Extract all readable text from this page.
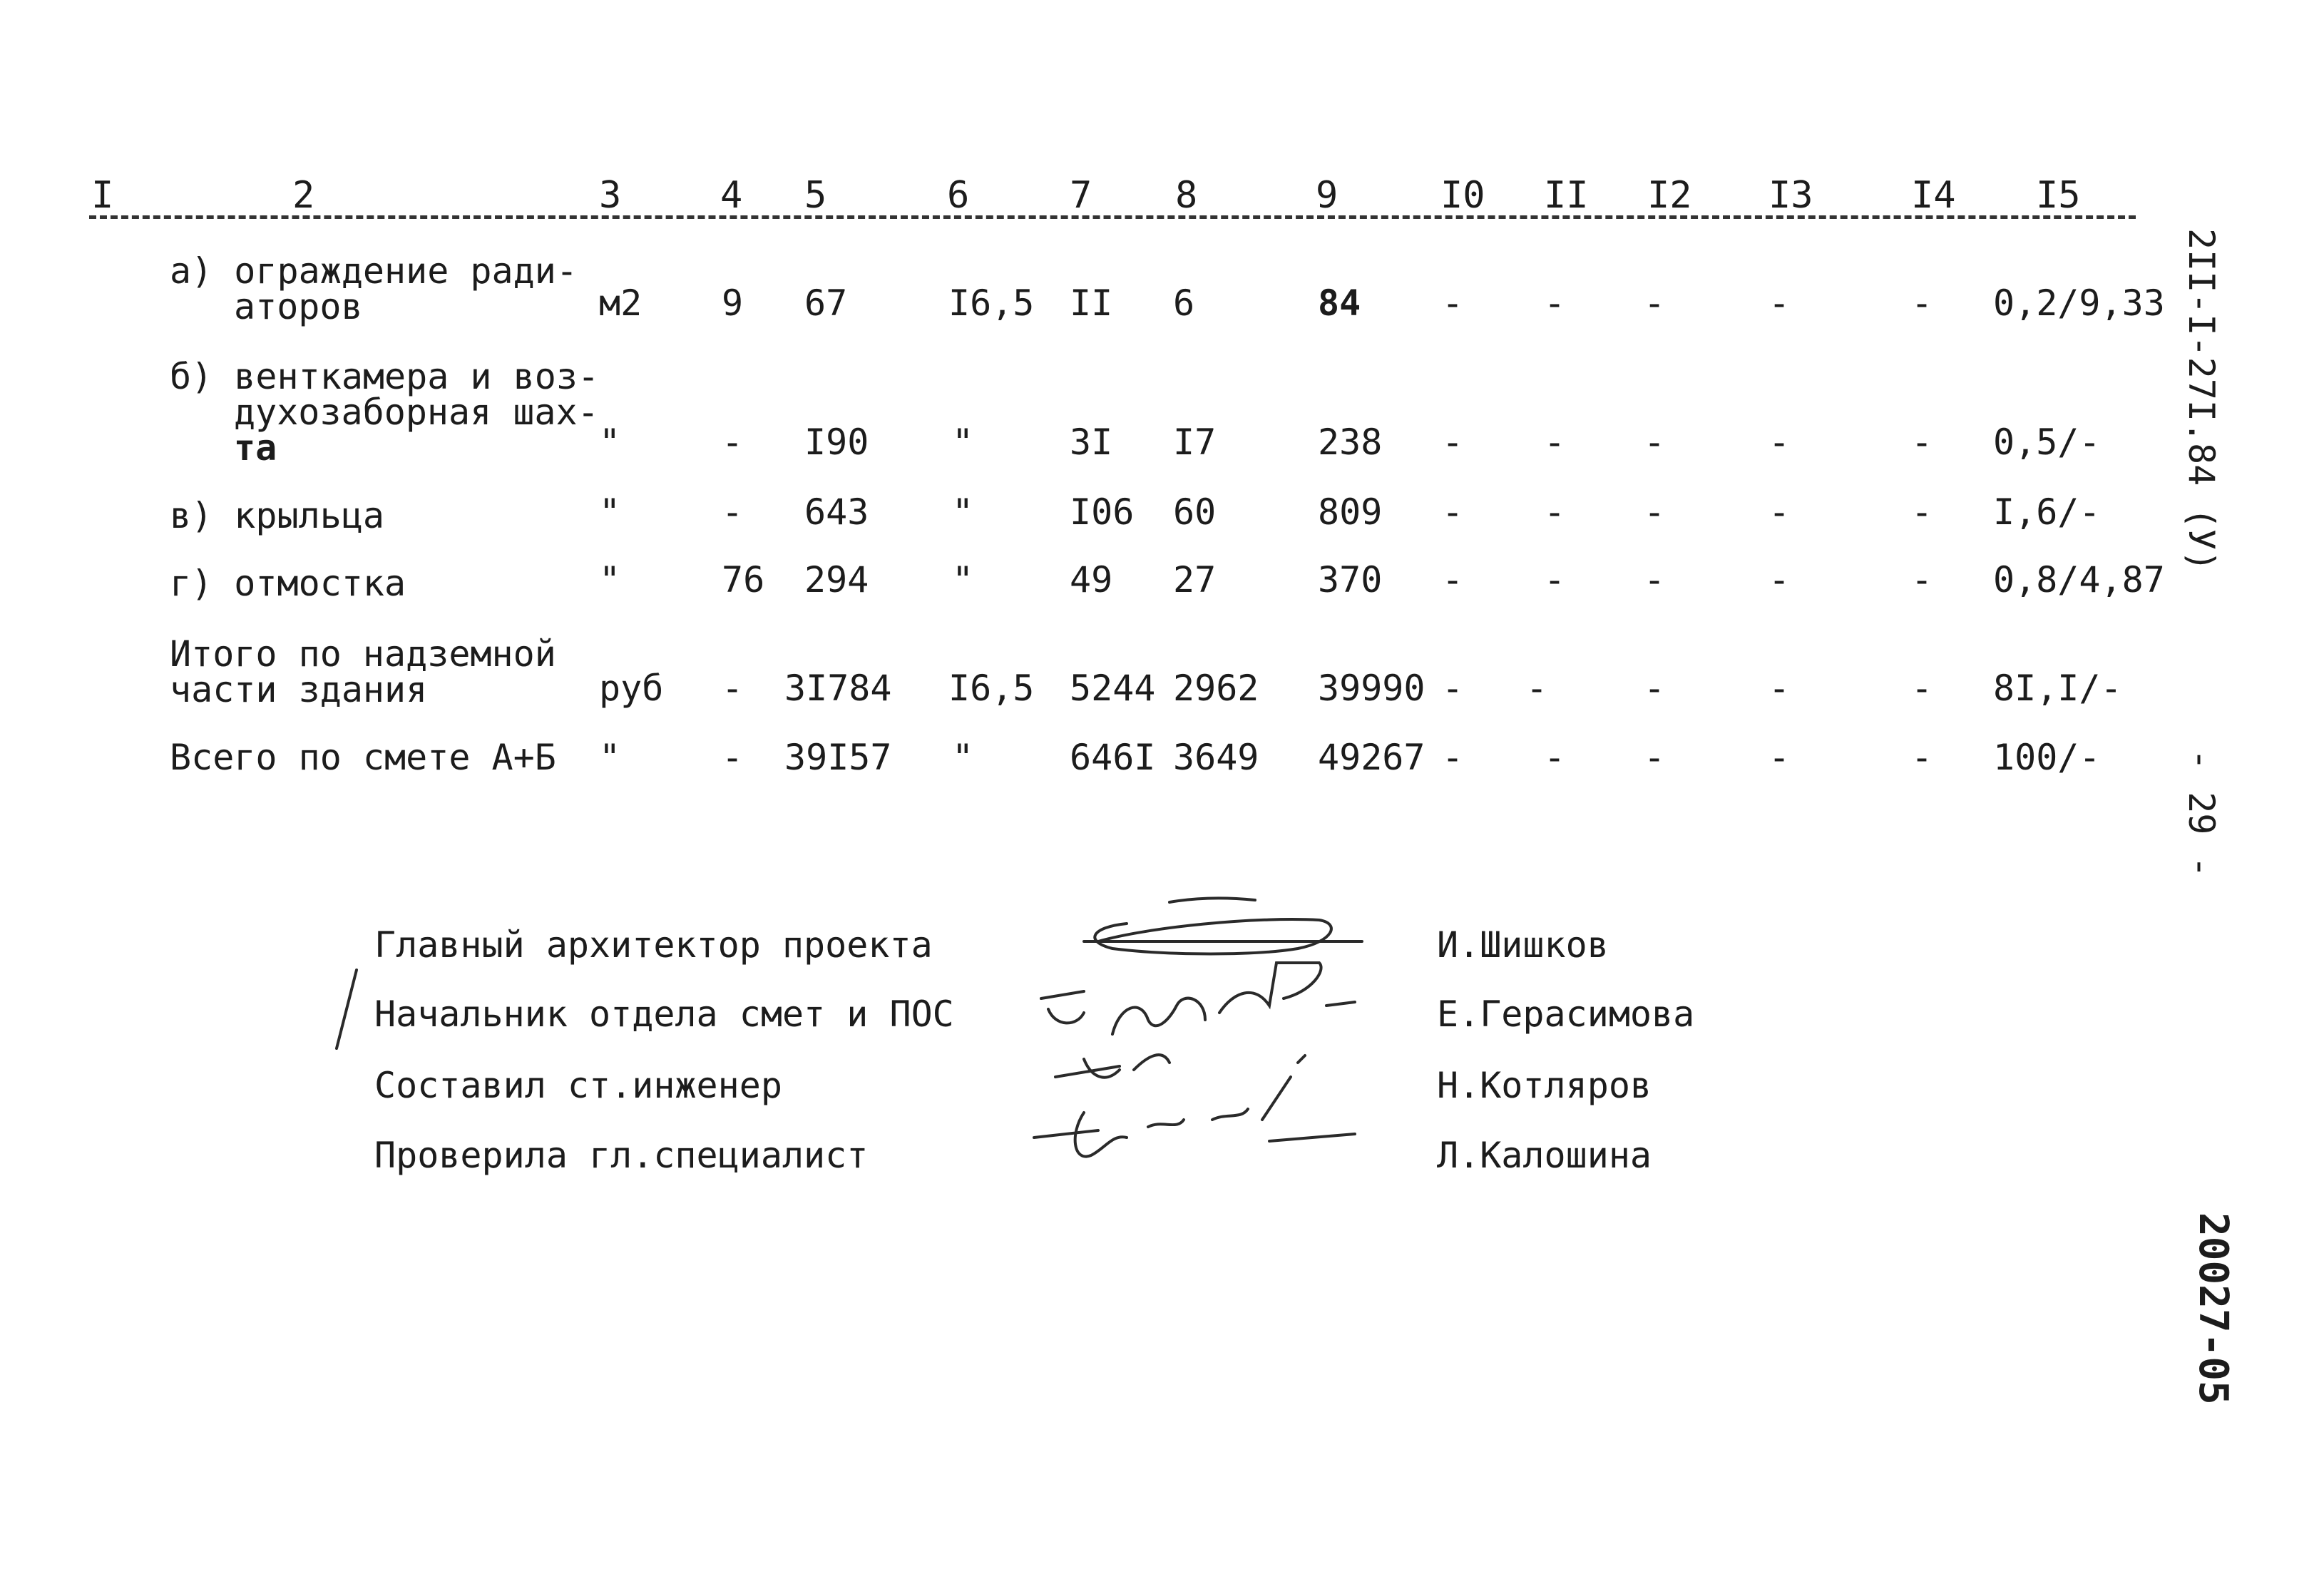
I	2	3	4 5	6	7 8	9	I0 II I2 I3	I4 I5
а) ограждение ради-
аторов	м2 9 67	I6,5 II 6	84 - - -	-	- 0,2/9,33
б) венткамера и воз-
духозаборная шах-
та	"	- I90 "	3I I7	238 - - -	-	- 0,5/-
в) крыльца	"	- 643 "	I06 60	809 - - -	-	- I,6/-
г) отмостка	"	76 294 "	49 27	370 - - -	-	- 0,8/4,87
Итого по надземной
части здания	руб - 3I784 I6,5 5244 2962 39990 - -	-	-	- 8I,I/-
Всего по смете А+Б "	- 39I57 "	646I 3649 49267 - - -	-	- 100/-
2II-I-27I.84 (У)
- 29 -
20027-05
Главный архитектор проекта	И.Шишков
Начальник отдела смет и ПОС	Е.Герасимова
Составил ст.инженер	Н.Котляров
Проверила гл.специалист	Л.Калошина
